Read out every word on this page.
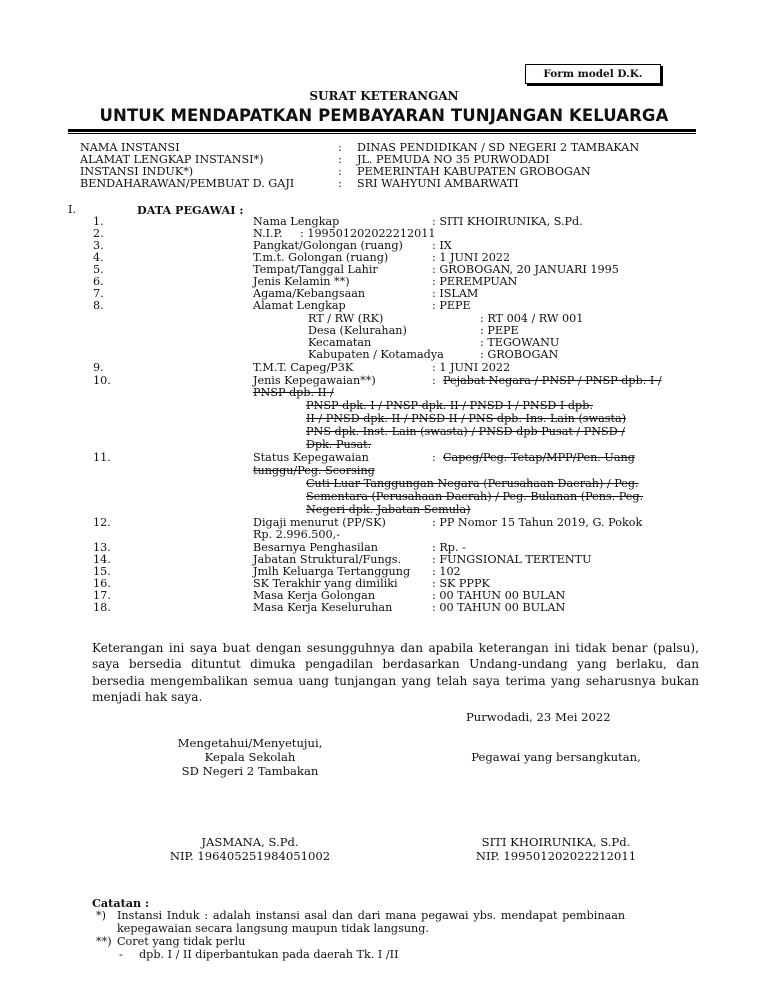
Form model D.K.
SURAT KETERANGAN
UNTUK MENDAPATKAN PEMBAYARAN TUNJANGAN KELUARGA
NAMA INSTANSI	: DINAS PENDIDIKAN / SD NEGERI 2 TAMBAKAN
ALAMAT LENGKAP INSTANSI*)	: JL. PEMUDA NO 35 PURWODADI
INSTANSI INDUK*)	: PEMERINTAH KABUPATEN GROBOGAN
BENDAHARAWAN/PEMBUAT D. GAJI	: SRI WAHYUNI AMBARWATI
I.	DATA PEGAWAI :
1.	Nama Lengkap	: SITI KHOIRUNIKA, S.Pd.
2.	N.I.P. : 199501202022212011
3.	Pangkat/Golongan (ruang)	: IX
4.	T.m.t. Golongan (ruang)	: 1 JUNI 2022
5.	Tempat/Tanggal Lahir	: GROBOGAN, 20 JANUARI 1995
6.	Jenis Kelamin **)	: PEREMPUAN
7.	Agama/Kebangsaan	: ISLAM
8.	Alamat Lengkap	: PEPE
RT / RW (RK)	: RT 004 / RW 001
Desa (Kelurahan)	: PEPE
Kecamatan	: TEGOWANU
Kabupaten / Kotamadya	: GROBOGAN
9.	T.M.T. Capeg/P3K	: 1 JUNI 2022
10.	Jenis Kepegawaian**)	: Pejabat Negara / PNSP / PNSP dpb. I /
PNSP dpb. II /
PNSP dpk. I / PNSP dpk. II / PNSD I / PNSD I dpb.
II / PNSD dpk. II / PNSD II / PNS dpb. Ins. Lain (swasta)
PNS dpk. Inst. Lain (swasta) / PNSD dpb Pusat / PNSD /
Dpk. Pusat.
11.	Status Kepegawaian	: Capeg/Peg. Tetap/MPP/Pen. Uang
tunggu/Peg. Scorsing
Cuti Luar Tanggungan Negara (Perusahaan Daerah) / Peg.
Sementara (Perusahaan Daerah) / Peg. Bulanan (Pens. Peg.
Negeri dpk. Jabatan Semula)
12.	Digaji menurut (PP/SK)	: PP Nomor 15 Tahun 2019, G. Pokok
Rp. 2.996.500,-
13.	Besarnya Penghasilan	: Rp. -
14.	Jabatan Struktural/Fungs.	: FUNGSIONAL TERTENTU
15.	Jmlh Keluarga Tertanggung : 102
16.	SK Terakhir yang dimiliki	: SK PPPK
17.	Masa Kerja Golongan	: 00 TAHUN 00 BULAN
18.	Masa Kerja Keseluruhan	: 00 TAHUN 00 BULAN
Keterangan ini saya buat dengan sesungguhnya dan apabila keterangan ini tidak benar (palsu), saya bersedia dituntut dimuka pengadilan berdasarkan Undang-undang yang berlaku, dan bersedia mengembalikan semua uang tunjangan yang telah saya terima yang seharusnya bukan menjadi hak saya.
Purwodadi, 23 Mei 2022
Mengetahui/Menyetujui,
Kepala Sekolah
SD Negeri 2 Tambakan
JASMANA, S.Pd.
NIP. 196405251984051002
Pegawai yang bersangkutan,
SITI KHOIRUNIKA, S.Pd.
NIP. 199501202022212011
Catatan :
*) Instansi Induk : adalah instansi asal dan dari mana pegawai ybs. mendapat pembinaan
kepegawaian secara langsung maupun tidak langsung.
**) Coret yang tidak perlu
- dpb. I / II diperbantukan pada daerah Tk. I /II
